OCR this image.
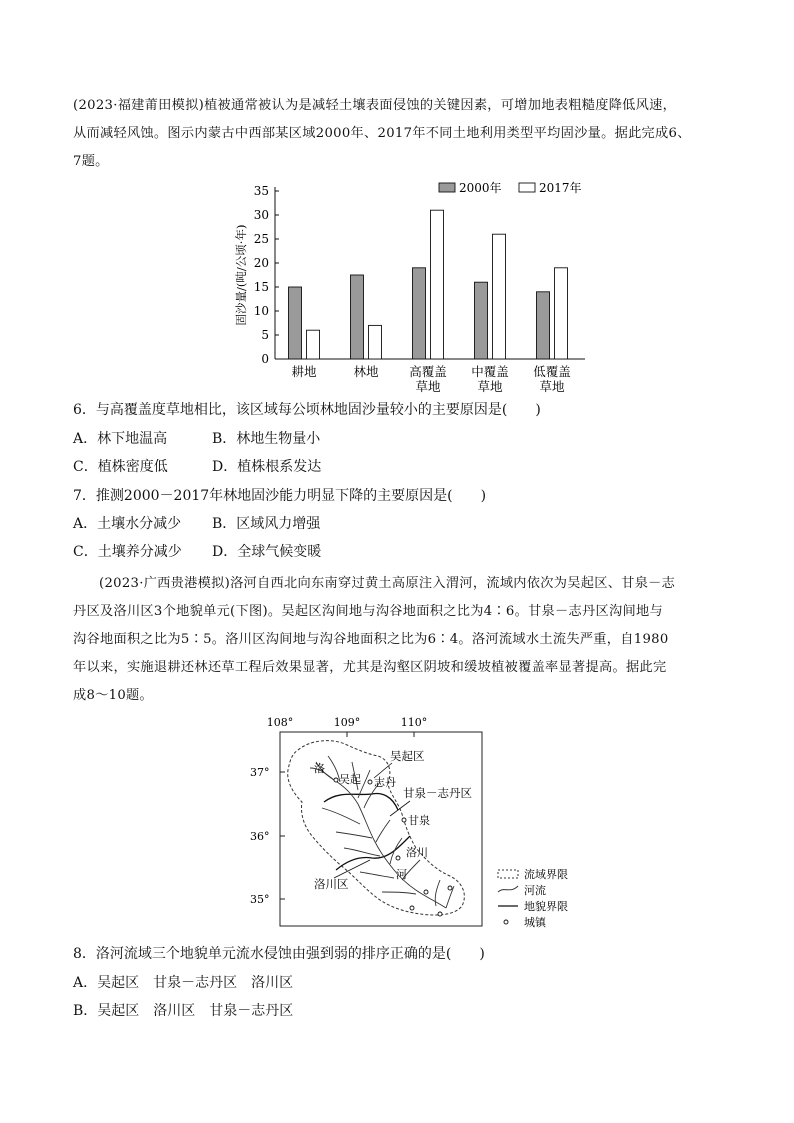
(2023·福建莆田模拟)植被通常被认为是减轻土壤表面侵蚀的关键因素，可增加地表粗糙度降低风速，
从而减轻风蚀。图示内蒙古中西部某区域2000年、2017年不同土地利用类型平均固沙量。据此完成6、
7题。
0
5
10
15
20
25
30
35
固沙量/(吨/公顷·年)
耕地	林地 高覆盖
草地
中覆盖
草地
低覆盖
草地
2000年	2017年
6．与高覆盖度草地相比，该区域每公顷林地固沙量较小的主要原因是(　　)
A．林下地温高	B．林地生物量小
C．植株密度低	D．植株根系发达
7．推测2000－2017年林地固沙能力明显下降的主要原因是(　　)
A．土壤水分减少 B．区域风力增强
C．土壤养分减少 D．全球气候变暖
(2023·广西贵港模拟)洛河自西北向东南穿过黄土高原注入渭河，流域内依次为吴起区、甘泉－志
丹区及洛川区3个地貌单元(下图)。吴起区沟间地与沟谷地面积之比为4∶6。甘泉－志丹区沟间地与
沟谷地面积之比为5∶5。洛川区沟间地与沟谷地面积之比为6∶4。洛河流域水土流失严重，自1980
年以来，实施退耕还林还草工程后效果显著，尤其是沟壑区阴坡和缓坡植被覆盖率显著提高。据此完
成8～10题。
108°	109°	110°
37°
36°
35°
洛
吴起 志丹
甘泉
洛川
河
吴起区
甘泉－志丹区
洛川区
流域界限
河流
地貌界限
城镇
8．洛河流域三个地貌单元流水侵蚀由强到弱的排序正确的是(　　)
A．吴起区　甘泉－志丹区　洛川区
B．吴起区　洛川区　甘泉－志丹区
